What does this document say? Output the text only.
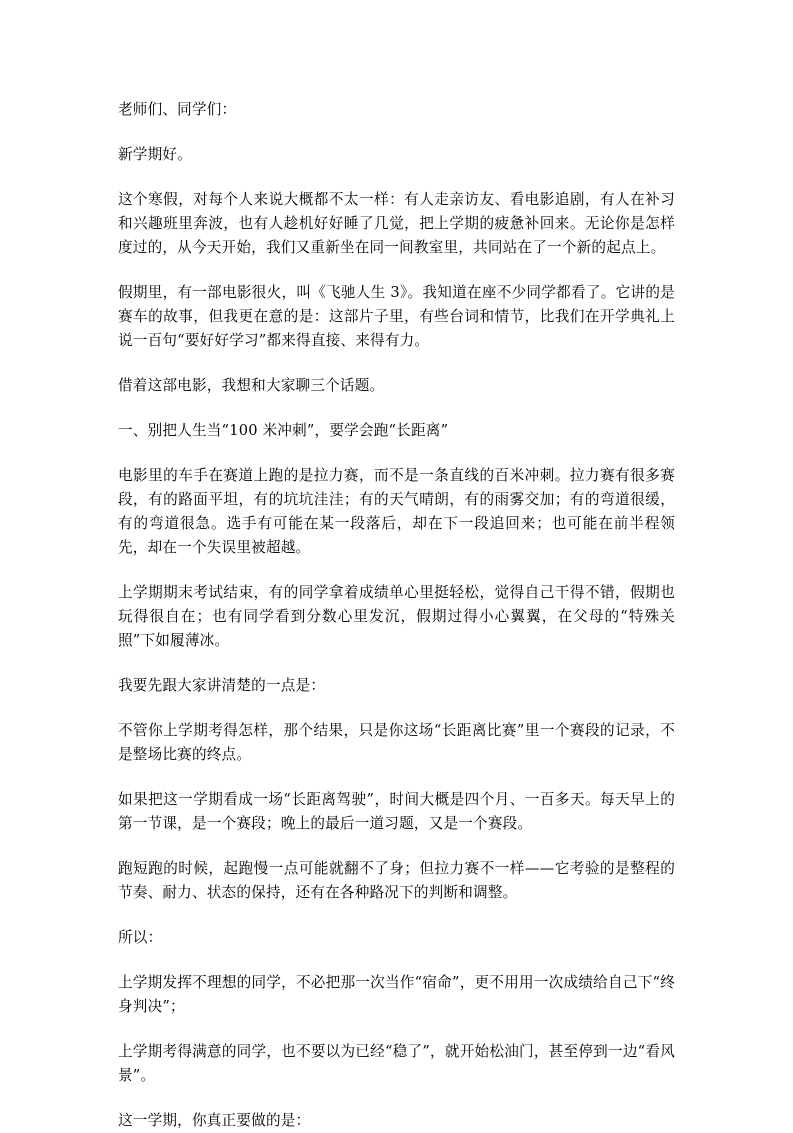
老师们、同学们：

新学期好。

这个寒假，对每个人来说大概都不太一样：有人走亲访友、看电影追剧，有人在补习和兴趣班里奔波，也有人趁机好好睡了几觉，把上学期的疲惫补回来。无论你是怎样度过的，从今天开始，我们又重新坐在同一间教室里，共同站在了一个新的起点上。

假期里，有一部电影很火，叫《飞驰人生 3》。我知道在座不少同学都看了。它讲的是赛车的故事，但我更在意的是：这部片子里，有些台词和情节，比我们在开学典礼上说一百句“要好好学习”都来得直接、来得有力。

借着这部电影，我想和大家聊三个话题。

一、别把人生当“100 米冲刺”，要学会跑“长距离”

电影里的车手在赛道上跑的是拉力赛，而不是一条直线的百米冲刺。拉力赛有很多赛段，有的路面平坦，有的坑坑洼洼；有的天气晴朗，有的雨雾交加；有的弯道很缓，有的弯道很急。选手有可能在某一段落后，却在下一段追回来；也可能在前半程领先，却在一个失误里被超越。

上学期期末考试结束，有的同学拿着成绩单心里挺轻松，觉得自己干得不错，假期也玩得很自在；也有同学看到分数心里发沉，假期过得小心翼翼，在父母的“特殊关照”下如履薄冰。

我要先跟大家讲清楚的一点是：

不管你上学期考得怎样，那个结果，只是你这场“长距离比赛”里一个赛段的记录，不是整场比赛的终点。

如果把这一学期看成一场“长距离驾驶”，时间大概是四个月、一百多天。每天早上的第一节课，是一个赛段；晚上的最后一道习题，又是一个赛段。

跑短跑的时候，起跑慢一点可能就翻不了身；但拉力赛不一样——它考验的是整程的节奏、耐力、状态的保持，还有在各种路况下的判断和调整。

所以：

上学期发挥不理想的同学，不必把那一次当作“宿命”，更不用用一次成绩给自己下“终身判决”；

上学期考得满意的同学，也不要以为已经“稳了”，就开始松油门，甚至停到一边“看风景”。

这一学期，你真正要做的是：
